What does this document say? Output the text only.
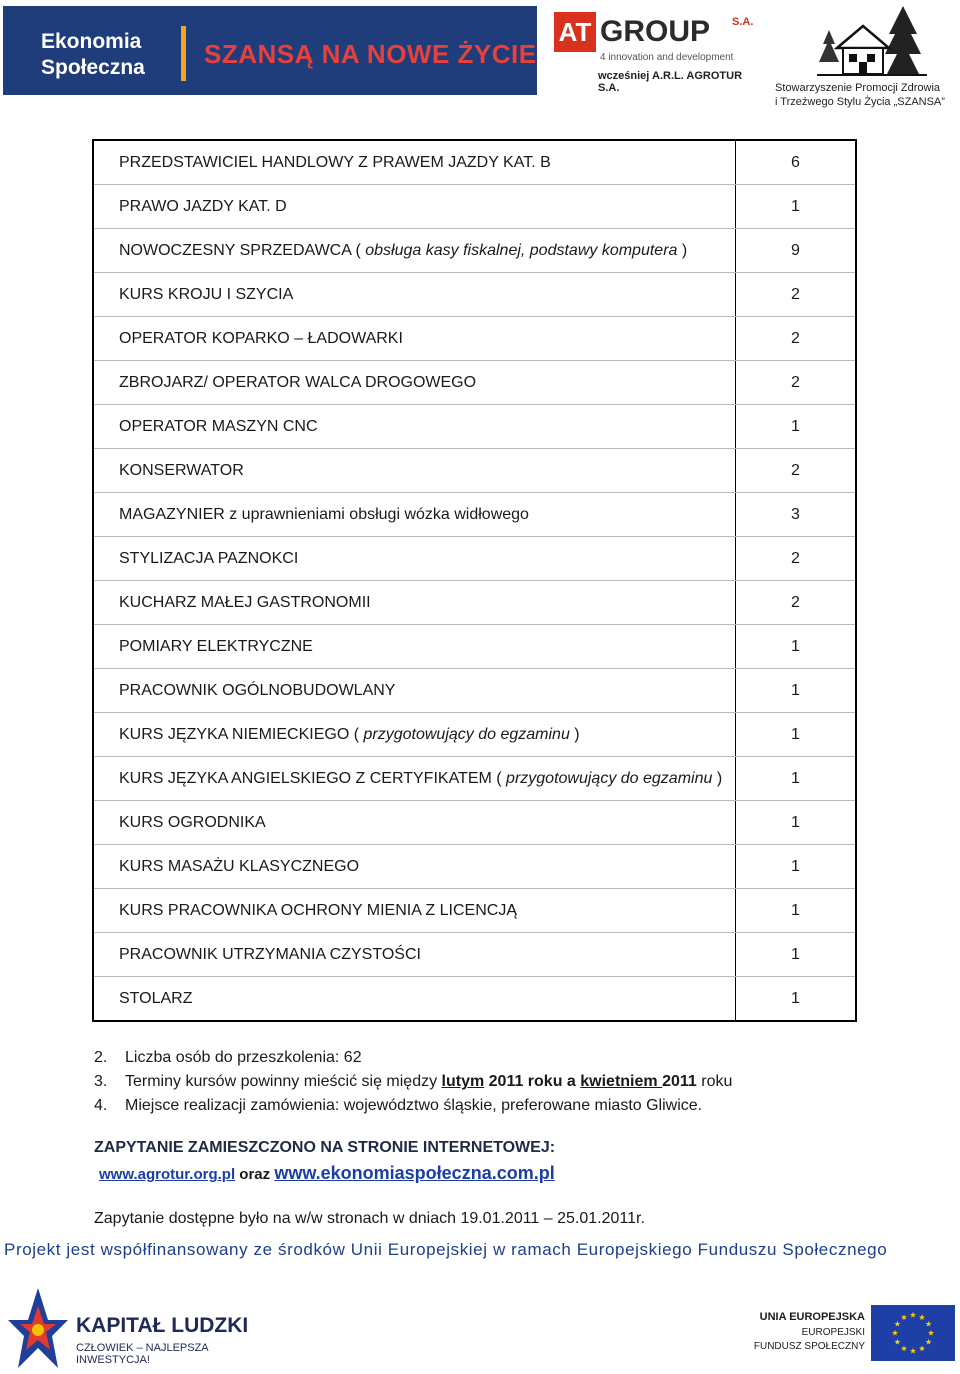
Ekonomia
Społeczna SZANSĄ NA NOWE ŻYCIE
AT GROUP S.A.
4 innovation and development
wcześniej A.R.L. AGROTUR S.A.	Stowarzyszenie Promocji Zdrowia
i Trzeźwego Stylu Życia „SZANSA”
PRZEDSTAWICIEL HANDLOWY Z PRAWEM JAZDY KAT. B	6
PRAWO JAZDY KAT. D	1
NOWOCZESNY SPRZEDAWCA ( obsługa kasy fiskalnej, podstawy komputera )	9
KURS KROJU I SZYCIA	2
OPERATOR KOPARKO – ŁADOWARKI	2
ZBROJARZ/ OPERATOR WALCA DROGOWEGO	2
OPERATOR MASZYN CNC	1
KONSERWATOR	2
MAGAZYNIER z uprawnieniami obsługi wózka widłowego	3
STYLIZACJA PAZNOKCI	2
KUCHARZ MAŁEJ GASTRONOMII	2
POMIARY ELEKTRYCZNE	1
PRACOWNIK OGÓLNOBUDOWLANY	1
KURS JĘZYKA NIEMIECKIEGO ( przygotowujący do egzaminu )	1
KURS JĘZYKA ANGIELSKIEGO Z CERTYFIKATEM ( przygotowujący do egzaminu )	1
KURS OGRODNIKA	1
KURS MASAŻU KLASYCZNEGO	1
KURS PRACOWNIKA OCHRONY MIENIA Z LICENCJĄ	1
PRACOWNIK UTRZYMANIA CZYSTOŚCI	1
STOLARZ	1
2. Liczba osób do przeszkolenia: 62
3. Terminy kursów powinny mieścić się między lutym 2011 roku a kwietniem 2011 roku
4. Miejsce realizacji zamówienia: województwo śląskie, preferowane miasto Gliwice.
ZAPYTANIE ZAMIESZCZONO NA STRONIE INTERNETOWEJ:
www.agrotur.org.pl oraz www.ekonomiaspołeczna.com.pl
Zapytanie dostępne było na w/w stronach w dniach 19.01.2011 – 25.01.2011r.
Projekt jest współfinansowany ze środków Unii Europejskiej w ramach Europejskiego Funduszu Społecznego
KAPITAŁ LUDZKI
CZŁOWIEK – NAJLEPSZA INWESTYCJA!
UNIA EUROPEJSKA
EUROPEJSKI
FUNDUSZ SPOŁECZNY
